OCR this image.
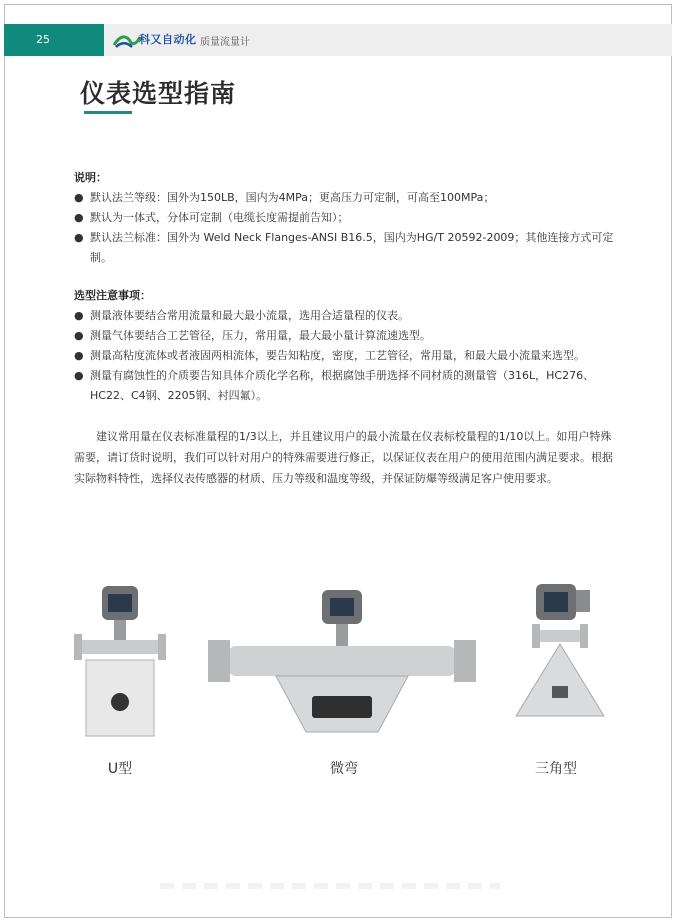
25	科又自动化 质量流量计
仪表选型指南
说明：
● 默认法兰等级：国外为150LB，国内为4MPa；更高压力可定制，可高至100MPa；
● 默认为一体式，分体可定制（电缆长度需提前告知）；
● 默认法兰标准：国外为 Weld Neck Flanges-ANSI B16.5，国内为HG/T 20592-2009；其他连接方式可定制。
选型注意事项：
● 测量液体要结合常用流量和最大最小流量，选用合适量程的仪表。
● 测量气体要结合工艺管径，压力，常用量，最大最小量计算流速选型。
● 测量高粘度流体或者液固两相流体，要告知粘度，密度，工艺管径，常用量，和最大最小流量来选型。
● 测量有腐蚀性的介质要告知具体介质化学名称，根据腐蚀手册选择不同材质的测量管（316L，HC276、HC22、C4钢、2205钢、衬四氟）。
建议常用量在仪表标准量程的1/3以上，并且建议用户的最小流量在仪表标校量程的1/10以上。如用户特殊需要，请订货时说明，我们可以针对用户的特殊需要进行修正，以保证仪表在用户的使用范围内满足要求。根据实际物料特性，选择仪表传感器的材质、压力等级和温度等级，并保证防爆等级满足客户使用要求。
U型	微弯	三角型
